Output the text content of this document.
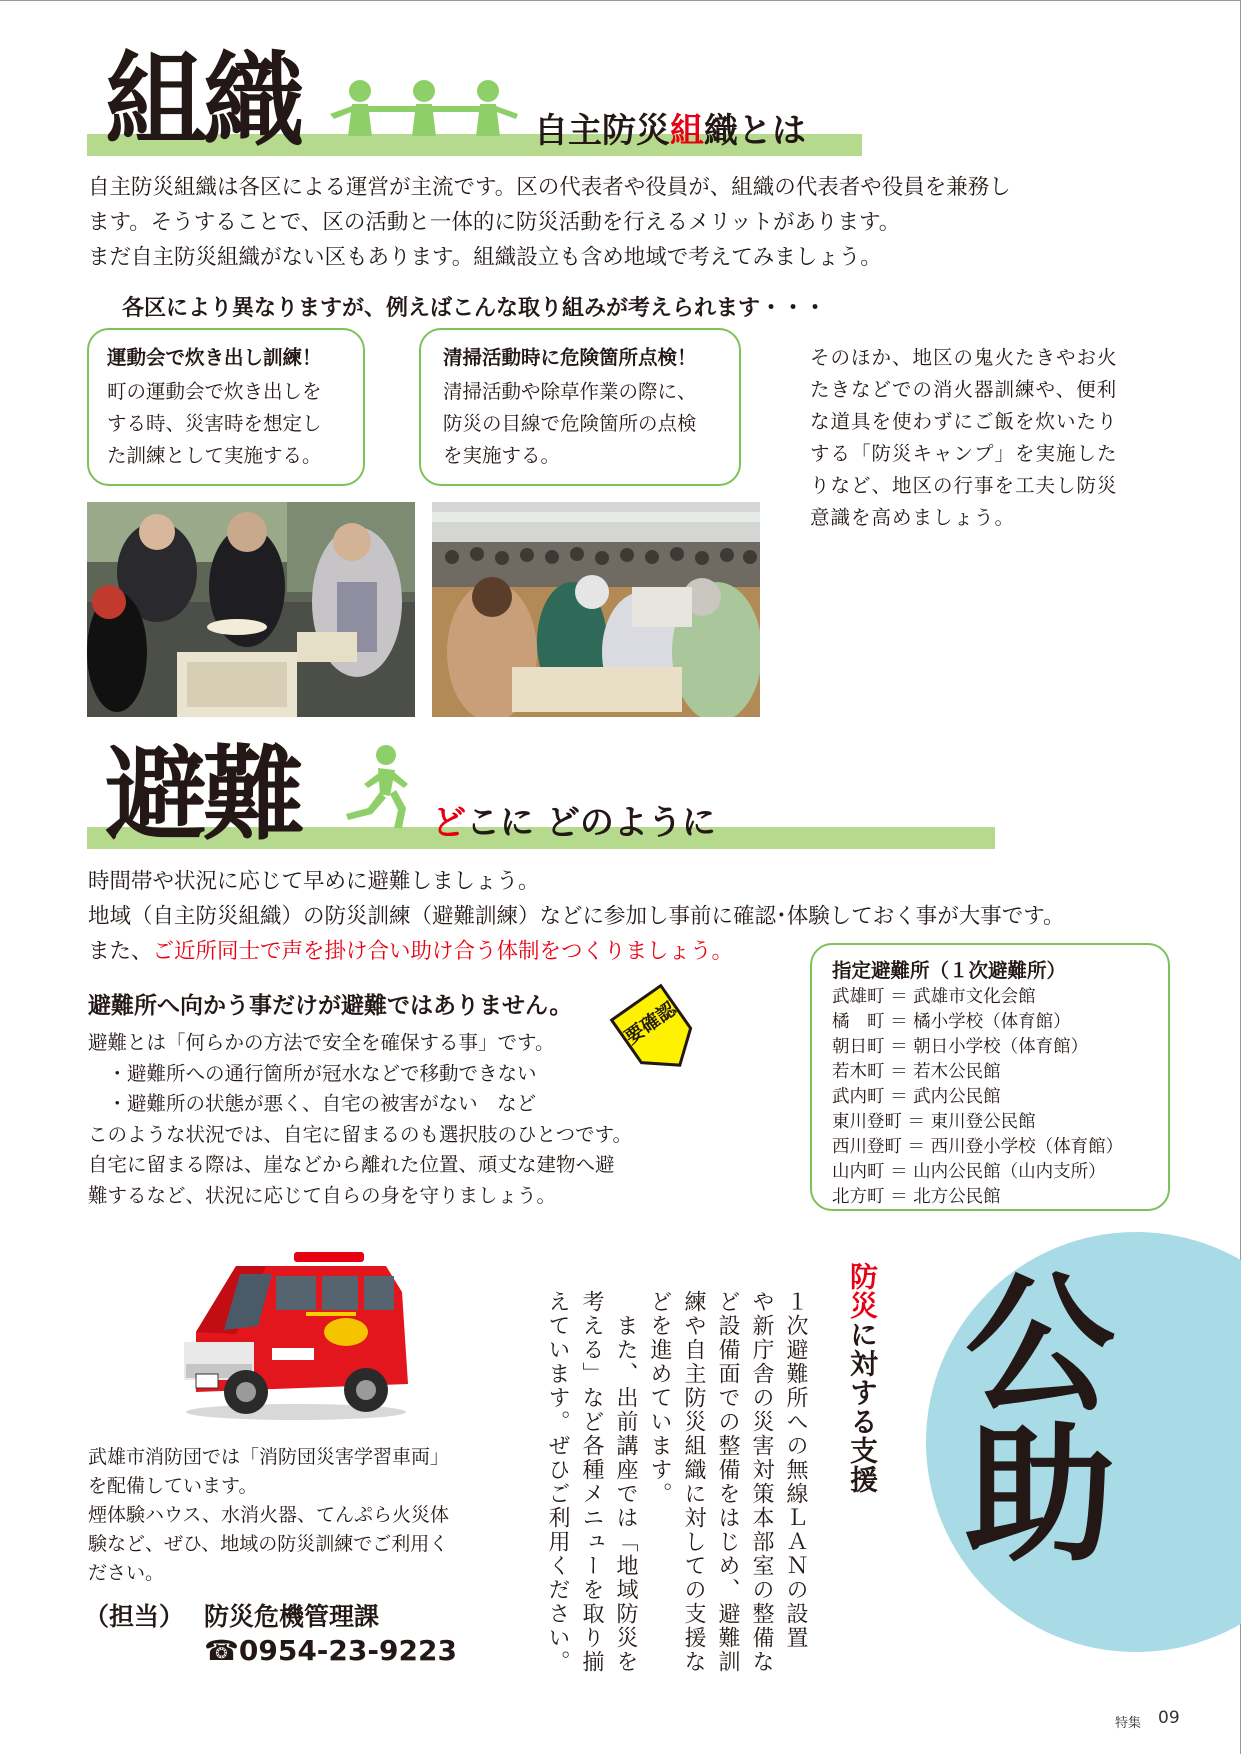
組織	自主防災組織とは
自主防災組織は各区による運営が主流です。区の代表者や役員が、組織の代表者や役員を兼務し
ます。そうすることで、区の活動と一体的に防災活動を行えるメリットがあります。
まだ自主防災組織がない区もあります。組織設立も含め地域で考えてみましょう。
各区により異なりますが、例えばこんな取り組みが考えられます・・・
運動会で炊き出し訓練！
町の運動会で炊き出しを
する時、災害時を想定し
た訓練として実施する。
清掃活動時に危険箇所点検！
清掃活動や除草作業の際に、
防災の目線で危険箇所の点検
を実施する。
そのほか、地区の鬼火たきやお火
たきなどでの消火器訓練や、便利
な道具を使わずにご飯を炊いたり
する「防災キャンプ」を実施した
りなど、地区の行事を工夫し防災
意識を高めましょう。
避難	どこに どのように
時間帯や状況に応じて早めに避難しましょう。
地域（自主防災組織）の防災訓練（避難訓練）などに参加し事前に確認･体験しておく事が大事です。
また、ご近所同士で声を掛け合い助け合う体制をつくりましょう。
避難所へ向かう事だけが避難ではありません。	要確認
避難とは「何らかの方法で安全を確保する事」です。
　・避難所への通行箇所が冠水などで移動できない
　・避難所の状態が悪く、自宅の被害がない　など
このような状況では、自宅に留まるのも選択肢のひとつです。
自宅に留まる際は、崖などから離れた位置、頑丈な建物へ避
難するなど、状況に応じて自らの身を守りましょう。
指定避難所（１次避難所）
武雄町 ＝ 武雄市文化会館
橘　町 ＝ 橘小学校（体育館）
朝日町 ＝ 朝日小学校（体育館）
若木町 ＝ 若木公民館
武内町 ＝ 武内公民館
東川登町 ＝ 東川登公民館
西川登町 ＝ 西川登小学校（体育館）
山内町 ＝ 山内公民館（山内支所）
北方町 ＝ 北方公民館
公
助
防災に対する支援
１次避難所への無線ＬＡＮの設置
や新庁舎の災害対策本部室の整備な
ど設備面での整備をはじめ、避難訓
練や自主防災組織に対しての支援な
どを進めています。
　また、出前講座では「地域防災を
考える」など各種メニューを取り揃
えています。ぜひご利用ください。
武雄市消防団では「消防団災害学習車両」
を配備しています。
煙体験ハウス、水消火器、てんぷら火災体
験など、ぜひ、地域の防災訓練でご利用く
ださい。
（担当） 防災危機管理課
☎0954-23-9223
特集 09
